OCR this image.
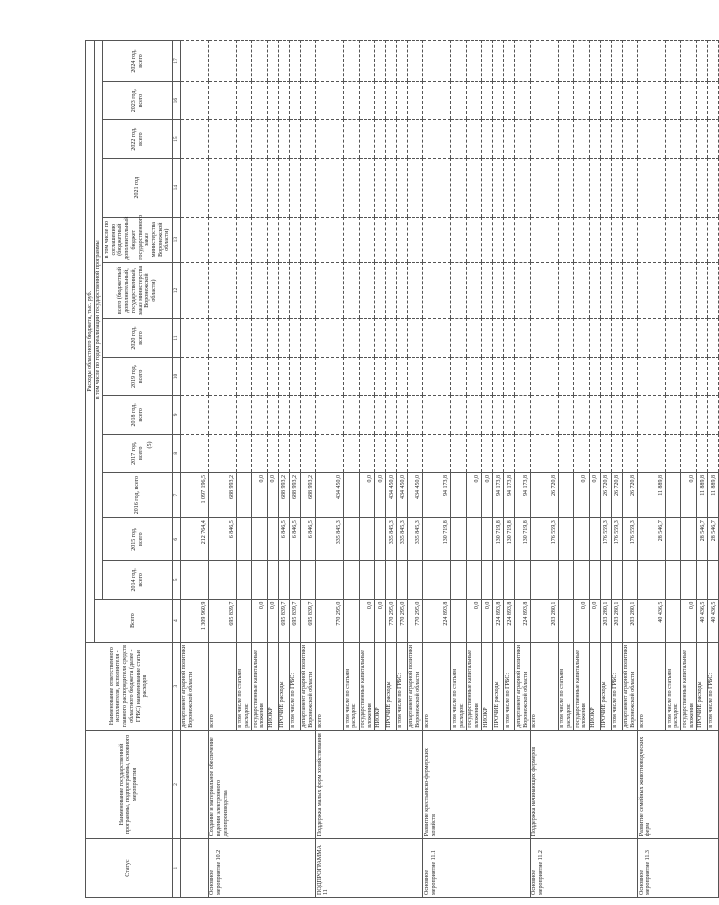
(5)
Статус	Наименование государственной программы, подпрограммы, основного мероприятия	Наименование ответственного исполнителя, исполнителя - главного распорядителя средств областного бюджета (далее - ГРБС) наименование статьи расходов	Расходы областного бюджета, тыс. руб.													
			Всего	в том числе по годам реализации государственной программы												
				2014 год, всего	2015 год, всего	2016 год, всего	2017 год, всего	2018 год, всего	2019 год, всего	2020 год, всего	всего (бюджетный дополнительный, государственный, заказ министерства Воронежской области)	в том числе по соглашению (бюджетный дополнительный бюджет государственного заказ министерства Воронежской области)	2021 год	2022 год, всего	2023 год, всего	2024 год, всего
1	2	3	4	5	6	7	8	9	10	11	12	13	14	15	16	17
		департамент аграрной политики Воронежской области	1 309 960,9		212 764,4	1 097 196,5										
Основное мероприятие 10.2	Создание и материальное обеспечение ведения электронного делопроизводства	всего	695 839,7		6 846,5	688 993,2										
		в том числе по статьям расходов:														
		государственные капитальные вложения	0,0			0,0										
		НИОКР	0,0			0,0										
		ПРОЧИЕ расходы	695 839,7		6 846,5	688 993,2										
		в том числе по ГРБС:	695 839,7		6 846,5	688 993,2										
		департамент аграрной политики Воронежской области	695 839,7		6 846,5	688 993,2										
ПОДПРОГРАММА 11	Поддержка малых форм хозяйствования	всего	770 295,0		335 845,3	434 450,0										
		в том числе по статьям расходов:														
		государственные капитальные вложения	0,0			0,0										
		НИОКР	0,0			0,0										
		ПРОЧИЕ расходы	770 295,0		335 845,3	434 450,0										
		в том числе по ГРБС:	770 295,0		335 845,3	434 450,0										
		департамент аграрной политики Воронежской области	770 295,0		335 845,3	434 450,0										
Основное мероприятие 11.1	Развитие крестьянско-фермерских хозяйств	всего	224 893,8		130 719,8	94 173,8										
		в том числе по статьям расходов:														
		государственные капитальные вложения	0,0			0,0										
		НИОКР	0,0			0,0										
		ПРОЧИЕ расходы	224 893,8		130 719,8	94 173,8										
		в том числе по ГРБС:	224 893,8		130 719,8	94 173,8										
		департамент аграрной политики Воронежской области	224 893,8		130 719,8	94 173,8										
Основное мероприятие 11.2	Поддержка начинающих фермеров	всего	203 280,1		176 559,3	26 720,8										
		в том числе по статьям расходов:														
		государственные капитальные вложения	0,0			0,0										
		НИОКР	0,0			0,0										
		ПРОЧИЕ расходы	203 280,1		176 559,3	26 720,8										
		в том числе по ГРБС:	203 280,1		176 559,3	26 720,8										
		департамент аграрной политики Воронежской области	203 280,1		176 559,3	26 720,8										
Основное мероприятие 11.3	Развитие семейных животноводческих ферм	всего	40 436,5		28 546,7	11 889,8										
		в том числе по статьям расходов:														
		государственные капитальные вложения	0,0			0,0										
		ПРОЧИЕ расходы	40 436,5		28 546,7	11 889,8										
		в том числе по ГРБС:	40 436,5		28 546,7	11 889,8										
